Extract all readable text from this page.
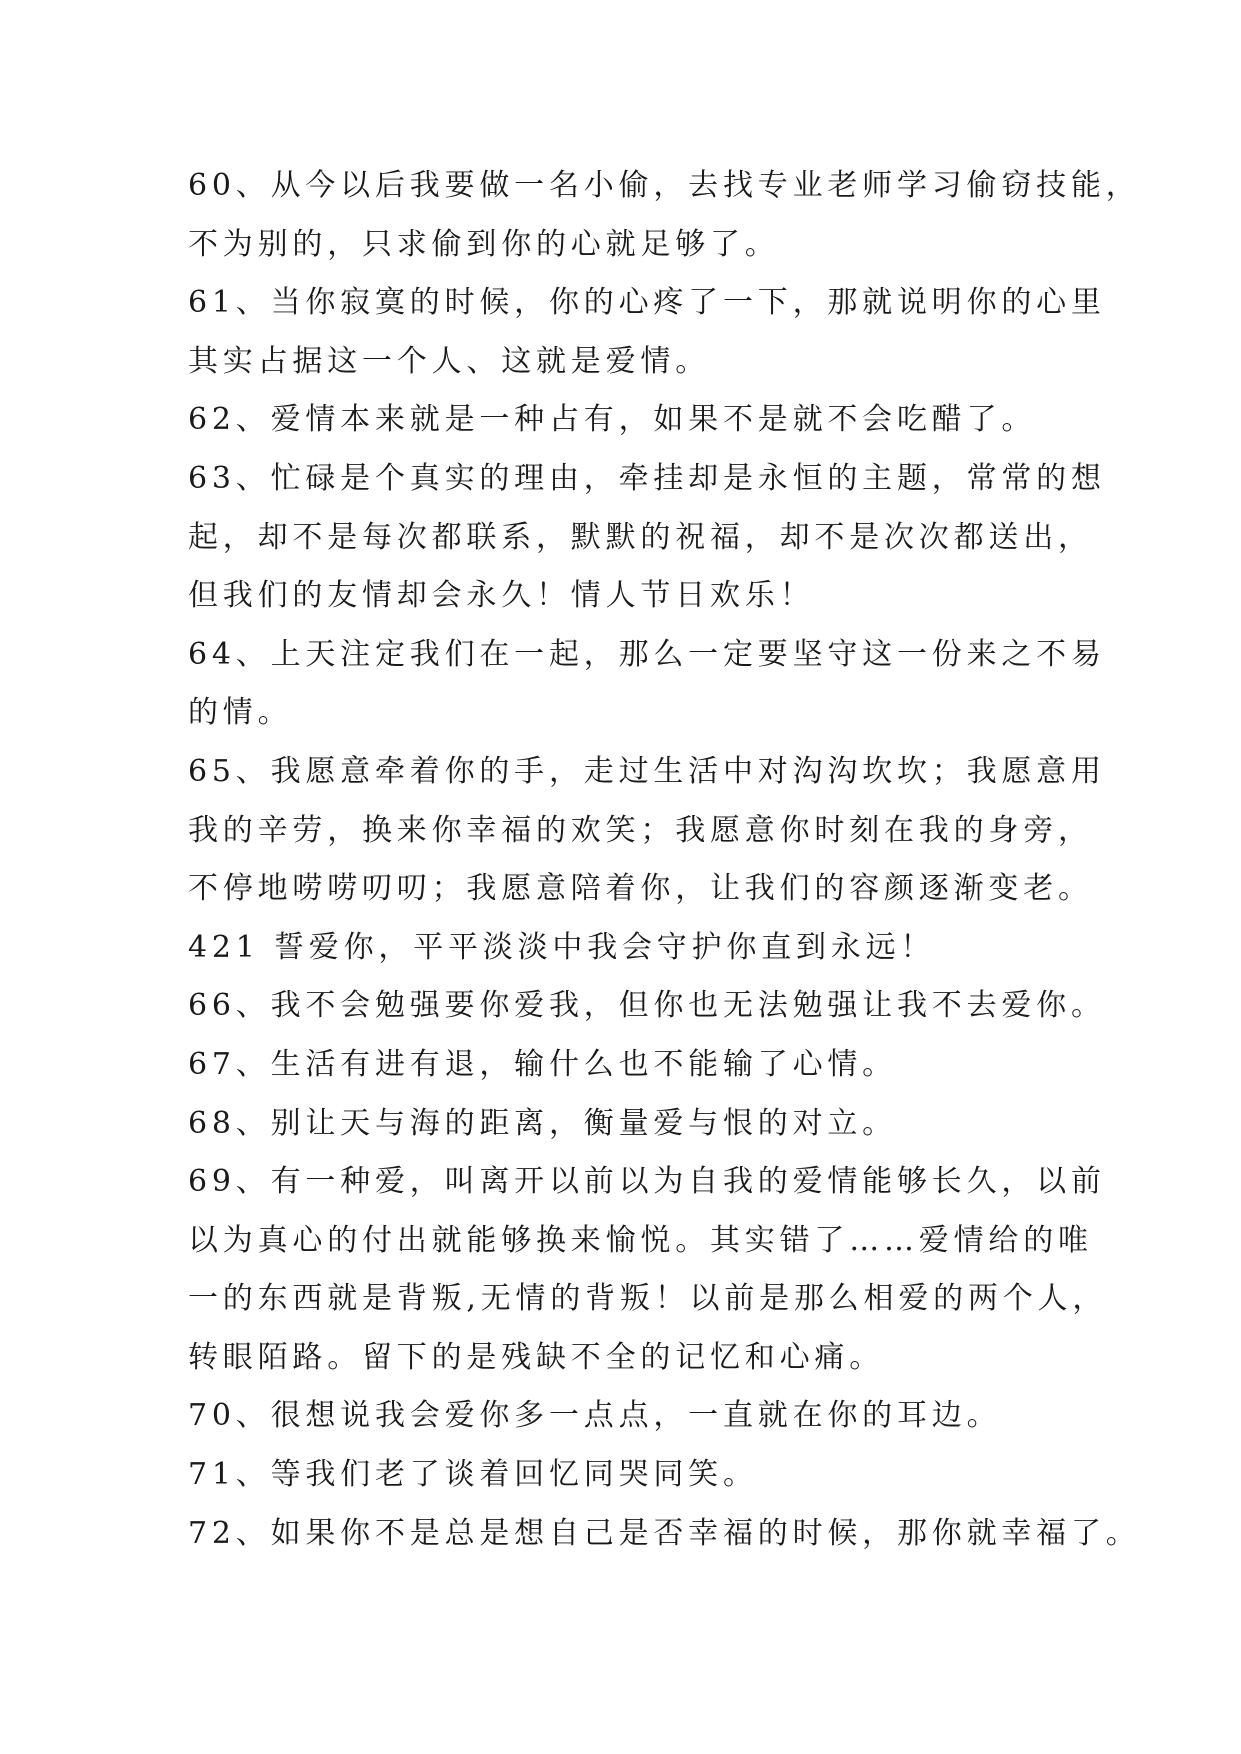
60、从今以后我要做一名小偷，去找专业老师学习偷窃技能，
不为别的，只求偷到你的心就足够了。
61、当你寂寞的时候，你的心疼了一下，那就说明你的心里
其实占据这一个人、这就是爱情。
62、爱情本来就是一种占有，如果不是就不会吃醋了。
63、忙碌是个真实的理由，牵挂却是永恒的主题，常常的想
起，却不是每次都联系，默默的祝福，却不是次次都送出，
但我们的友情却会永久！情人节日欢乐！
64、上天注定我们在一起，那么一定要坚守这一份来之不易
的情。
65、我愿意牵着你的手，走过生活中对沟沟坎坎；我愿意用
我的辛劳，换来你幸福的欢笑；我愿意你时刻在我的身旁，
不停地唠唠叨叨；我愿意陪着你，让我们的容颜逐渐变老。
421 誓爱你，平平淡淡中我会守护你直到永远！
66、我不会勉强要你爱我，但你也无法勉强让我不去爱你。
67、生活有进有退，输什么也不能输了心情。
68、别让天与海的距离，衡量爱与恨的对立。
69、有一种爱，叫离开以前以为自我的爱情能够长久，以前
以为真心的付出就能够换来愉悦。其实错了……爱情给的唯
一的东西就是背叛,无情的背叛！以前是那么相爱的两个人，
转眼陌路。留下的是残缺不全的记忆和心痛。
70、很想说我会爱你多一点点，一直就在你的耳边。
71、等我们老了谈着回忆同哭同笑。
72、如果你不是总是想自己是否幸福的时候，那你就幸福了。
